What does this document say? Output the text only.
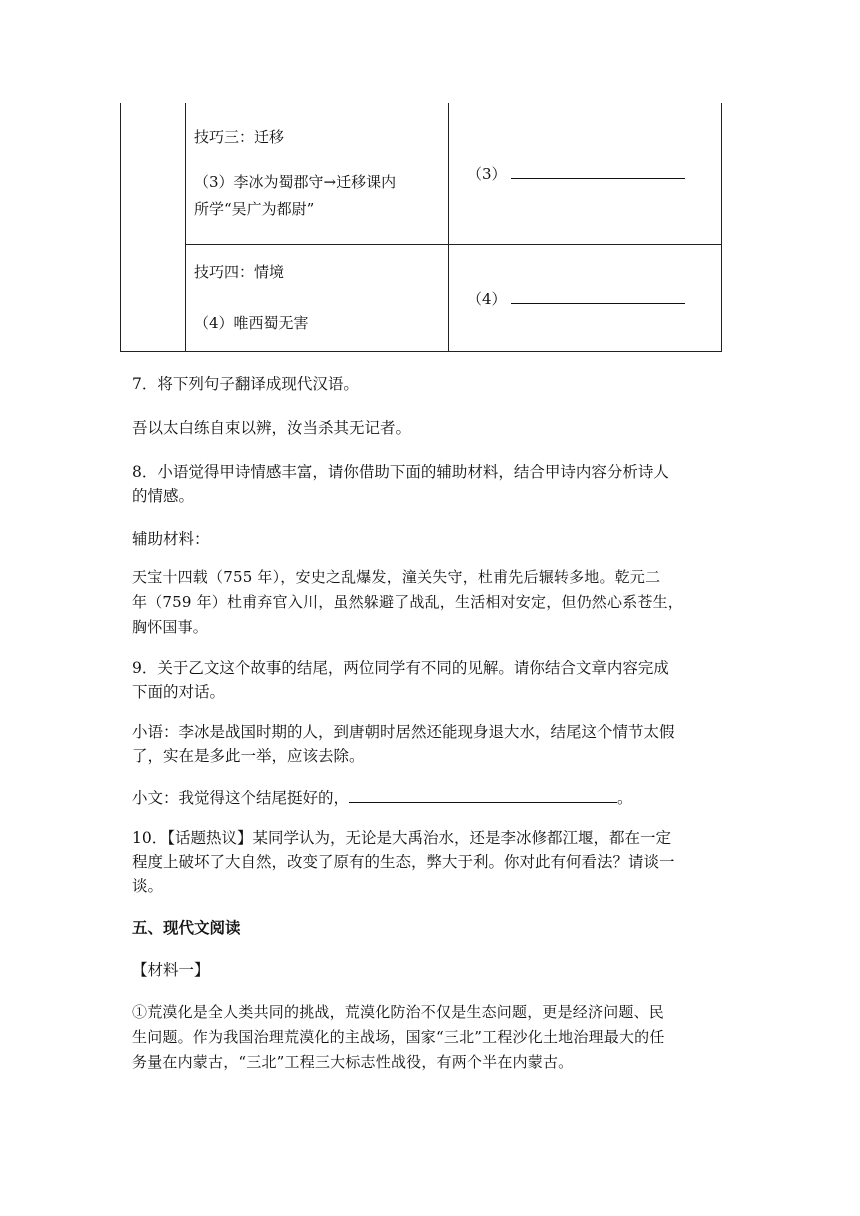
	技巧三：迁移

（3）李冰为蜀郡守→迁移课内

所学“吴广为都尉”	（3）

	技巧四：情境

（4）唯西蜀无害	（4）

7．将下列句子翻译成现代汉语。

吾以太白练自束以辨，汝当杀其无记者。

8．小语觉得甲诗情感丰富，请你借助下面的辅助材料，结合甲诗内容分析诗人

的情感。

辅助材料：

天宝十四载（755 年），安史之乱爆发，潼关失守，杜甫先后辗转多地。乾元二

年（759 年）杜甫弃官入川，虽然躲避了战乱，生活相对安定，但仍然心系苍生，

胸怀国事。

9．关于乙文这个故事的结尾，两位同学有不同的见解。请你结合文章内容完成

下面的对话。

小语：李冰是战国时期的人，到唐朝时居然还能现身退大水，结尾这个情节太假

了，实在是多此一举，应该去除。

小文：我觉得这个结尾挺好的，	。

10．【话题热议】某同学认为，无论是大禹治水，还是李冰修都江堰，都在一定

程度上破坏了大自然，改变了原有的生态，弊大于利。你对此有何看法？请谈一

谈。

五、现代文阅读

【材料一】

①荒漠化是全人类共同的挑战，荒漠化防治不仅是生态问题，更是经济问题、民

生问题。作为我国治理荒漠化的主战场，国家“三北”工程沙化土地治理最大的任

务量在内蒙古，“三北”工程三大标志性战役，有两个半在内蒙古。
